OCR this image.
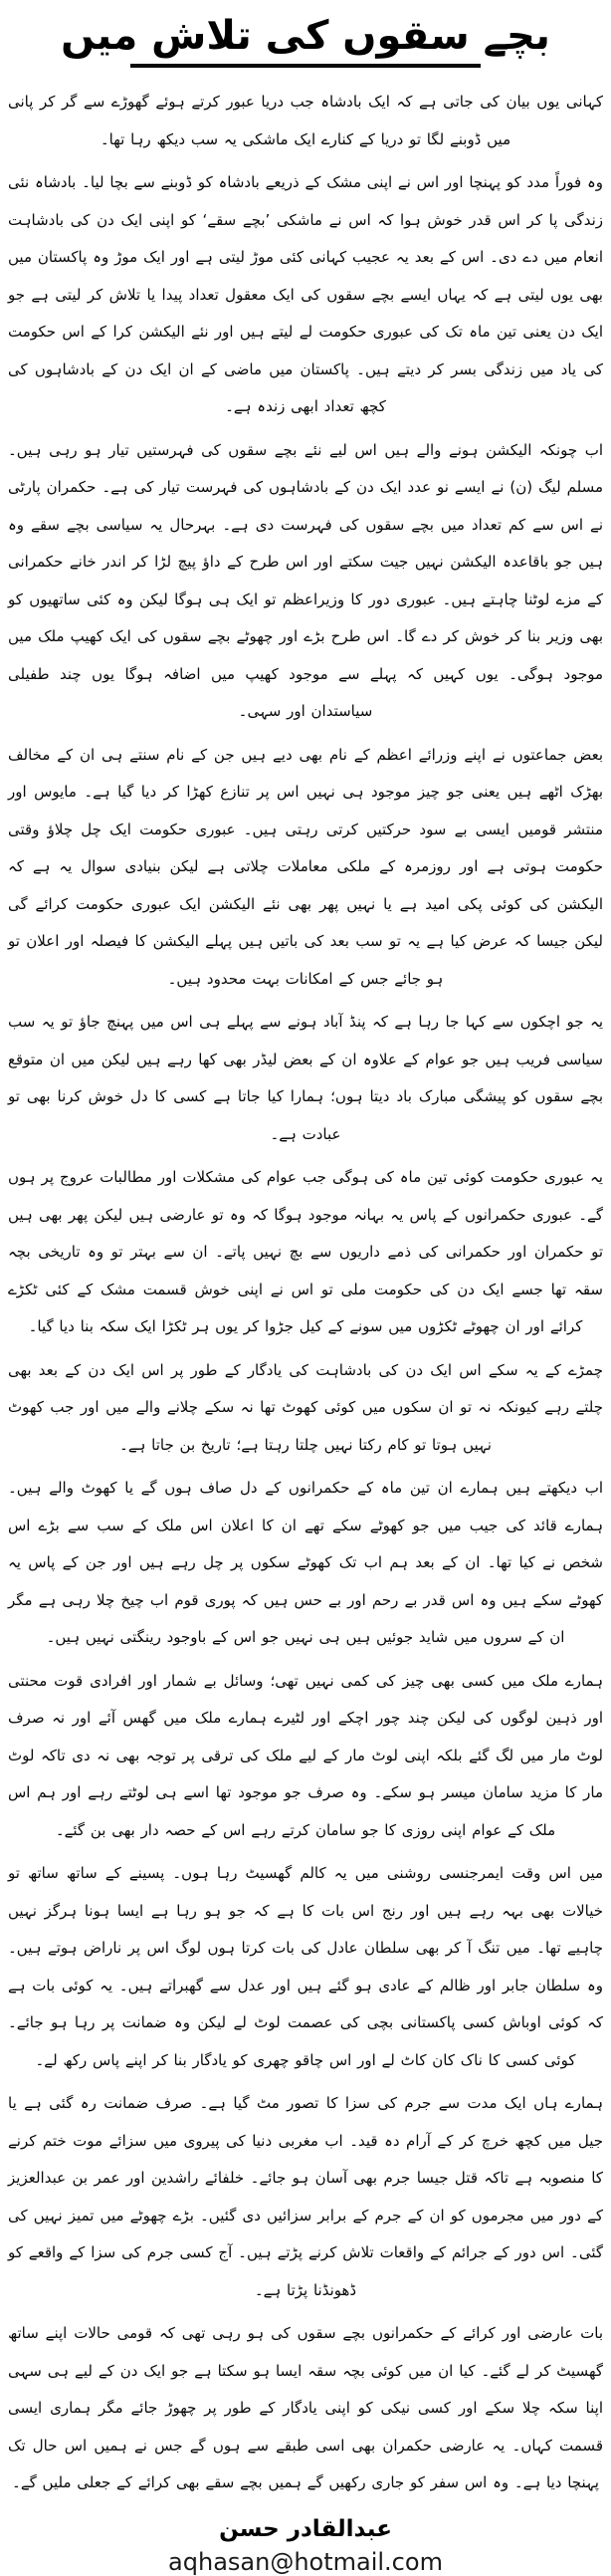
بچے سقوں کی تلاش میں

کہانی یوں بیان کی جاتی ہے کہ ایک بادشاہ جب دریا عبور کرتے ہوئے گھوڑے سے گر کر پانی میں ڈوبنے لگا تو دریا کے کنارے ایک ماشکی یہ سب دیکھ رہا تھا۔

وہ فوراً مدد کو پہنچا اور اس نے اپنی مشک کے ذریعے بادشاہ کو ڈوبنے سے بچا لیا۔ بادشاہ نئی زندگی پا کر اس قدر خوش ہوا کہ اس نے ماشکی ’بچے سقے‘ کو اپنی ایک دن کی بادشاہت انعام میں دے دی۔ اس کے بعد یہ عجیب کہانی کئی موڑ لیتی ہے اور ایک موڑ وہ پاکستان میں بھی یوں لیتی ہے کہ یہاں ایسے بچے سقوں کی ایک معقول تعداد پیدا یا تلاش کر لیتی ہے جو ایک دن یعنی تین ماہ تک کی عبوری حکومت لے لیتے ہیں اور نئے الیکشن کرا کے اس حکومت کی یاد میں زندگی بسر کر دیتے ہیں۔ پاکستان میں ماضی کے ان ایک دن کے بادشاہوں کی کچھ تعداد ابھی زندہ ہے۔

اب چونکہ الیکشن ہونے والے ہیں اس لیے نئے بچے سقوں کی فہرستیں تیار ہو رہی ہیں۔ مسلم لیگ (ن) نے ایسے نو عدد ایک دن کے بادشاہوں کی فہرست تیار کی ہے۔ حکمران پارٹی نے اس سے کم تعداد میں بچے سقوں کی فہرست دی ہے۔ بہرحال یہ سیاسی بچے سقے وہ ہیں جو باقاعدہ الیکشن نہیں جیت سکتے اور اس طرح کے داؤ پیچ لڑا کر اندر خانے حکمرانی کے مزے لوٹنا چاہتے ہیں۔ عبوری دور کا وزیراعظم تو ایک ہی ہوگا لیکن وہ کئی ساتھیوں کو بھی وزیر بنا کر خوش کر دے گا۔ اس طرح بڑے اور چھوٹے بچے سقوں کی ایک کھیپ ملک میں موجود ہوگی۔ یوں کہیں کہ پہلے سے موجود کھیپ میں اضافہ ہوگا یوں چند طفیلی سیاستدان اور سہی۔

بعض جماعتوں نے اپنے وزرائے اعظم کے نام بھی دیے ہیں جن کے نام سنتے ہی ان کے مخالف بھڑک اٹھے ہیں یعنی جو چیز موجود ہی نہیں اس پر تنازع کھڑا کر دیا گیا ہے۔ مایوس اور منتشر قومیں ایسی بے سود حرکتیں کرتی رہتی ہیں۔ عبوری حکومت ایک چل چلاؤ وقتی حکومت ہوتی ہے اور روزمرہ کے ملکی معاملات چلاتی ہے لیکن بنیادی سوال یہ ہے کہ الیکشن کی کوئی پکی امید ہے یا نہیں پھر بھی نئے الیکشن ایک عبوری حکومت کرائے گی لیکن جیسا کہ عرض کیا ہے یہ تو سب بعد کی باتیں ہیں پہلے الیکشن کا فیصلہ اور اعلان تو ہو جائے جس کے امکانات بہت محدود ہیں۔

یہ جو اچکوں سے کہا جا رہا ہے کہ پنڈ آباد ہونے سے پہلے ہی اس میں پہنچ جاؤ تو یہ سب سیاسی فریب ہیں جو عوام کے علاوہ ان کے بعض لیڈر بھی کھا رہے ہیں لیکن میں ان متوقع بچے سقوں کو پیشگی مبارک باد دیتا ہوں؛ ہمارا کیا جاتا ہے کسی کا دل خوش کرنا بھی تو عبادت ہے۔

یہ عبوری حکومت کوئی تین ماہ کی ہوگی جب عوام کی مشکلات اور مطالبات عروج پر ہوں گے۔ عبوری حکمرانوں کے پاس یہ بہانہ موجود ہوگا کہ وہ تو عارضی ہیں لیکن پھر بھی ہیں تو حکمران اور حکمرانی کی ذمے داریوں سے بچ نہیں پاتے۔ ان سے بہتر تو وہ تاریخی بچہ سقہ تھا جسے ایک دن کی حکومت ملی تو اس نے اپنی خوش قسمت مشک کے کئی ٹکڑے کرائے اور ان چھوٹے ٹکڑوں میں سونے کے کیل جڑوا کر یوں ہر ٹکڑا ایک سکہ بنا دیا گیا۔

چمڑے کے یہ سکے اس ایک دن کی بادشاہت کی یادگار کے طور پر اس ایک دن کے بعد بھی چلتے رہے کیونکہ نہ تو ان سکوں میں کوئی کھوٹ تھا نہ سکے چلانے والے میں اور جب کھوٹ نہیں ہوتا تو کام رکتا نہیں چلتا رہتا ہے؛ تاریخ بن جاتا ہے۔

اب دیکھتے ہیں ہمارے ان تین ماہ کے حکمرانوں کے دل صاف ہوں گے یا کھوٹ والے ہیں۔ ہمارے قائد کی جیب میں جو کھوٹے سکے تھے ان کا اعلان اس ملک کے سب سے بڑے اس شخص نے کیا تھا۔ ان کے بعد ہم اب تک کھوٹے سکوں پر چل رہے ہیں اور جن کے پاس یہ کھوٹے سکے ہیں وہ اس قدر بے رحم اور بے حس ہیں کہ پوری قوم اب چیخ چلا رہی ہے مگر ان کے سروں میں شاید جوئیں ہیں ہی نہیں جو اس کے باوجود رینگتی نہیں ہیں۔

ہمارے ملک میں کسی بھی چیز کی کمی نہیں تھی؛ وسائل بے شمار اور افرادی قوت محنتی اور ذہین لوگوں کی لیکن چند چور اچکے اور لٹیرے ہمارے ملک میں گھس آئے اور نہ صرف لوٹ مار میں لگ گئے بلکہ اپنی لوٹ مار کے لیے ملک کی ترقی پر توجہ بھی نہ دی تاکہ لوٹ مار کا مزید سامان میسر ہو سکے۔ وہ صرف جو موجود تھا اسے ہی لوٹتے رہے اور ہم اس ملک کے عوام اپنی روزی کا جو سامان کرتے رہے اس کے حصہ دار بھی بن گئے۔

میں اس وقت ایمرجنسی روشنی میں یہ کالم گھسیٹ رہا ہوں۔ پسینے کے ساتھ ساتھ تو خیالات بھی بہہ رہے ہیں اور رنج اس بات کا ہے کہ جو ہو رہا ہے ایسا ہونا ہرگز نہیں چاہیے تھا۔ میں تنگ آ کر بھی سلطان عادل کی بات کرتا ہوں لوگ اس پر ناراض ہوتے ہیں۔ وہ سلطان جابر اور ظالم کے عادی ہو گئے ہیں اور عدل سے گھبراتے ہیں۔ یہ کوئی بات ہے کہ کوئی اوباش کسی پاکستانی بچی کی عصمت لوٹ لے لیکن وہ ضمانت پر رہا ہو جائے۔ کوئی کسی کا ناک کان کاٹ لے اور اس چاقو چھری کو یادگار بنا کر اپنے پاس رکھ لے۔

ہمارے ہاں ایک مدت سے جرم کی سزا کا تصور مٹ گیا ہے۔ صرف ضمانت رہ گئی ہے یا جیل میں کچھ خرچ کر کے آرام دہ قید۔ اب مغربی دنیا کی پیروی میں سزائے موت ختم کرنے کا منصوبہ ہے تاکہ قتل جیسا جرم بھی آسان ہو جائے۔ خلفائے راشدین اور عمر بن عبدالعزیز کے دور میں مجرموں کو ان کے جرم کے برابر سزائیں دی گئیں۔ بڑے چھوٹے میں تمیز نہیں کی گئی۔ اس دور کے جرائم کے واقعات تلاش کرنے پڑتے ہیں۔ آج کسی جرم کی سزا کے واقعے کو ڈھونڈنا پڑتا ہے۔

بات عارضی اور کرائے کے حکمرانوں بچے سقوں کی ہو رہی تھی کہ قومی حالات اپنے ساتھ گھسیٹ کر لے گئے۔ کیا ان میں کوئی بچہ سقہ ایسا ہو سکتا ہے جو ایک دن کے لیے ہی سہی اپنا سکہ چلا سکے اور کسی نیکی کو اپنی یادگار کے طور پر چھوڑ جائے مگر ہماری ایسی قسمت کہاں۔ یہ عارضی حکمران بھی اسی طبقے سے ہوں گے جس نے ہمیں اس حال تک پہنچا دیا ہے۔ وہ اس سفر کو جاری رکھیں گے ہمیں بچے سقے بھی کرائے کے جعلی ملیں گے۔

عبدالقادر حسن
aqhasan@hotmail.com
